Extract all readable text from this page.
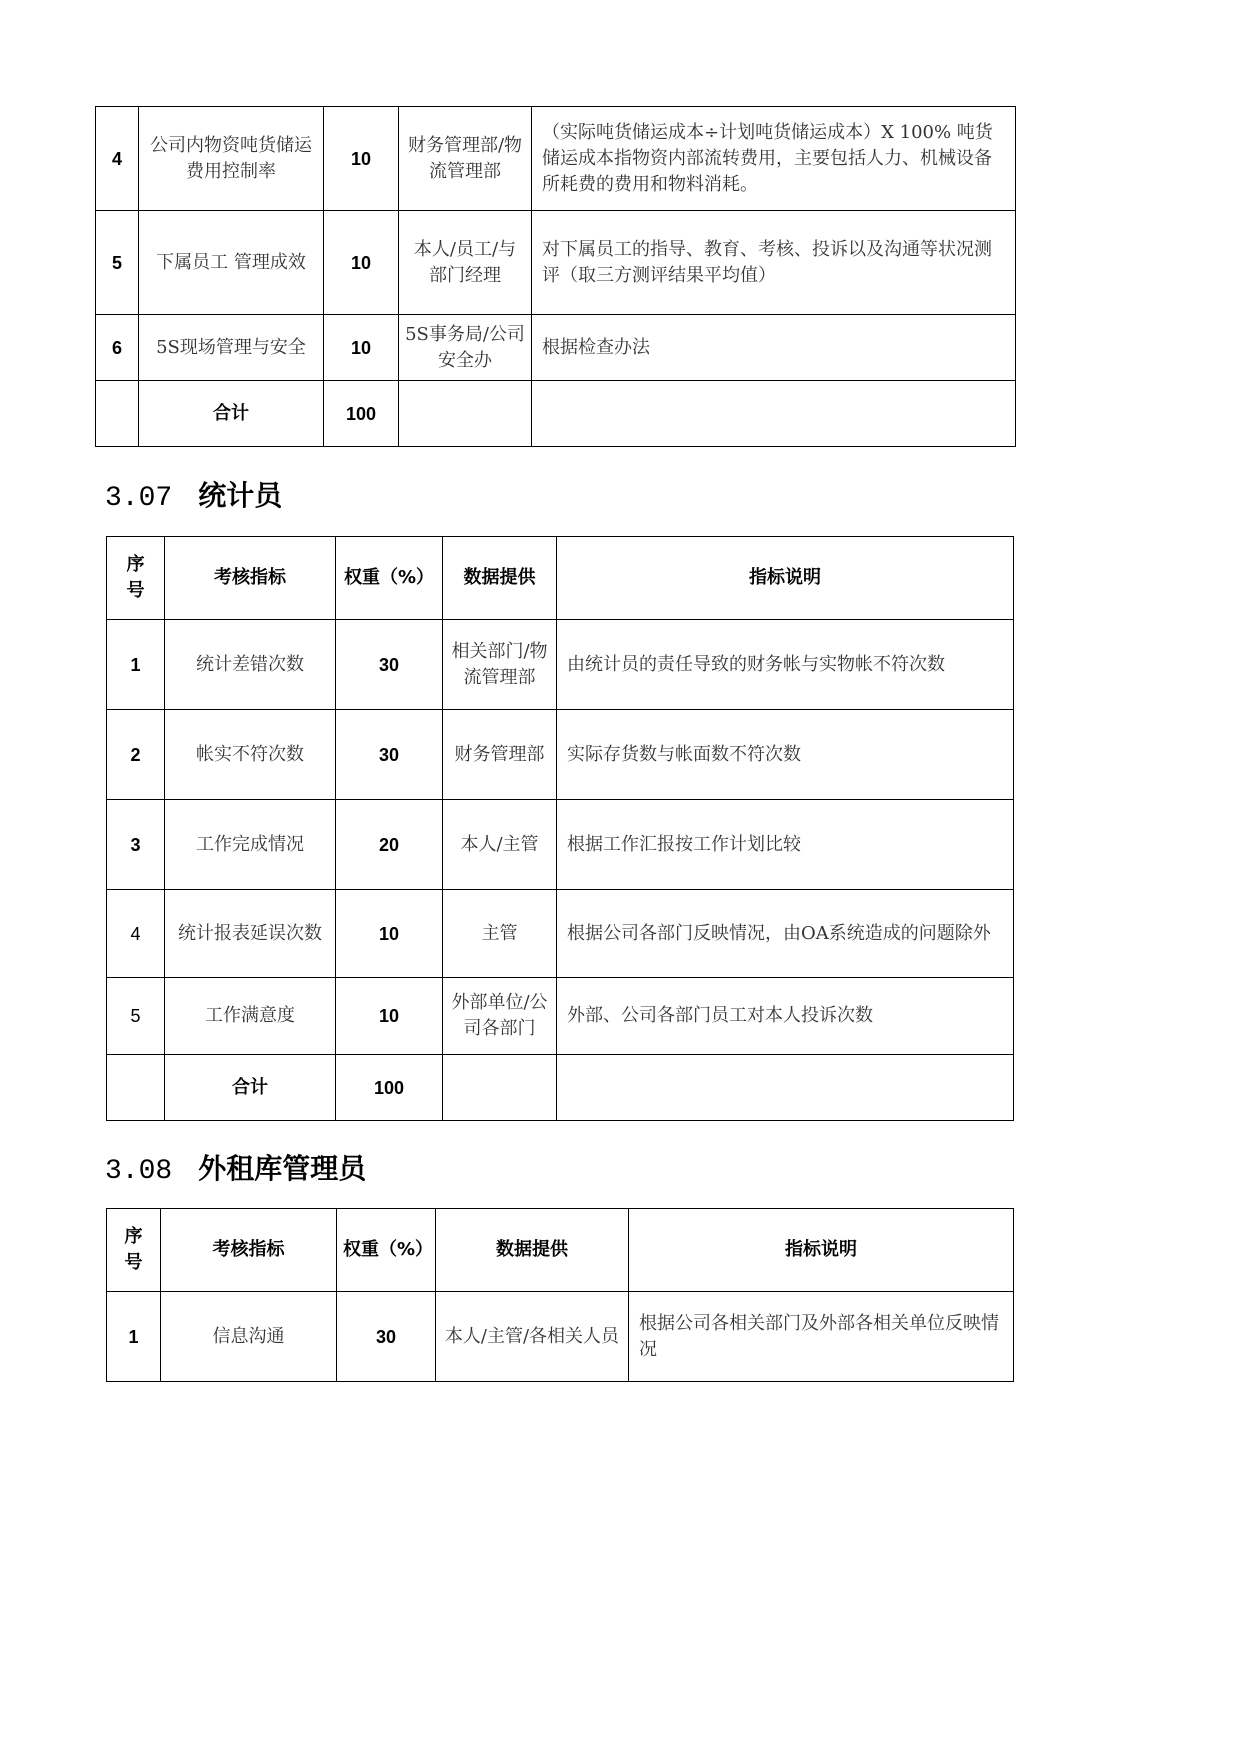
4	公司内物资吨货储运费用控制率	10	财务管理部/物流管理部	（实际吨货储运成本÷计划吨货储运成本）X 100% 吨货储运成本指物资内部流转费用，主要包括人力、机械设备所耗费的费用和物料消耗。
5	下属员工 管理成效	10	本人/员工/与 部门经理	对下属员工的指导、教育、考核、投诉以及沟通等状况测评（取三方测评结果平均值）
6	5S现场管理与安全	10	5S事务局/公司安全办	根据检查办法
	合计	100		
3.07 统计员
序号	考核指标	权重（%）	数据提供	指标说明
1	统计差错次数	30	相关部门/物流管理部	由统计员的责任导致的财务帐与实物帐不符次数
2	帐实不符次数	30	财务管理部	实际存货数与帐面数不符次数
3	工作完成情况	20	本人/主管	根据工作汇报按工作计划比较
4	统计报表延误次数	10	主管	根据公司各部门反映情况，由OA系统造成的问题除外
5	工作满意度	10	外部单位/公司各部门	外部、公司各部门员工对本人投诉次数
	合计	100		
3.08 外租库管理员
序号	考核指标	权重（%）	数据提供	指标说明
1	信息沟通	30	本人/主管/各相关人员	根据公司各相关部门及外部各相关单位反映情况
